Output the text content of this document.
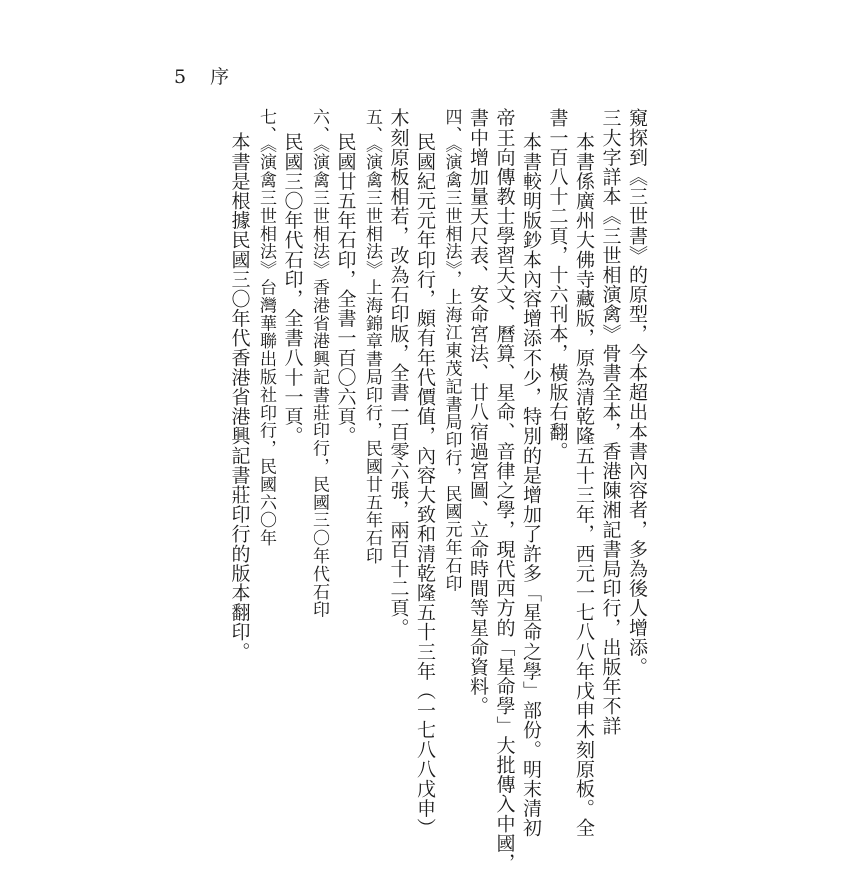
5 序
窺探到《三世書》的原型，今本超出本書內容者，多為後人增添。
三大字詳本《三世相演禽》骨書全本，香港陳湘記書局印行，出版年不詳
本書係廣州大佛寺藏版，原為清乾隆五十三年，西元一七八八年戊申木刻原板。全
書一百八十二頁，十六刊本，橫版右翻。
本書較明版鈔本內容增添不少，特別的是增加了許多「星命之學」部份。明末清初
帝王向傳教士學習天文、曆算、星命、音律之學，現代西方的「星命學」大批傳入中國，
書中增加量天尺表、安命宮法、廿八宿過宮圖、立命時間等星命資料。
四、《演禽三世相法》，上海江東茂記書局印行，民國元年石印
民國紀元元年印行，頗有年代價值，內容大致和清乾隆五十三年（一七八八戊申）
木刻原板相若，改為石印版，全書一百零六張，兩百十二頁。
五、《演禽三世相法》上海錦章書局印行，民國廿五年石印
民國廿五年石印，全書一百〇六頁。
六、《演禽三世相法》香港省港興記書莊印行，民國三〇年代石印
民國三〇年代石印，全書八十一頁。
七、《演禽三世相法》台灣華聯出版社印行，民國六〇年
本書是根據民國三〇年代香港省港興記書莊印行的版本翻印。
